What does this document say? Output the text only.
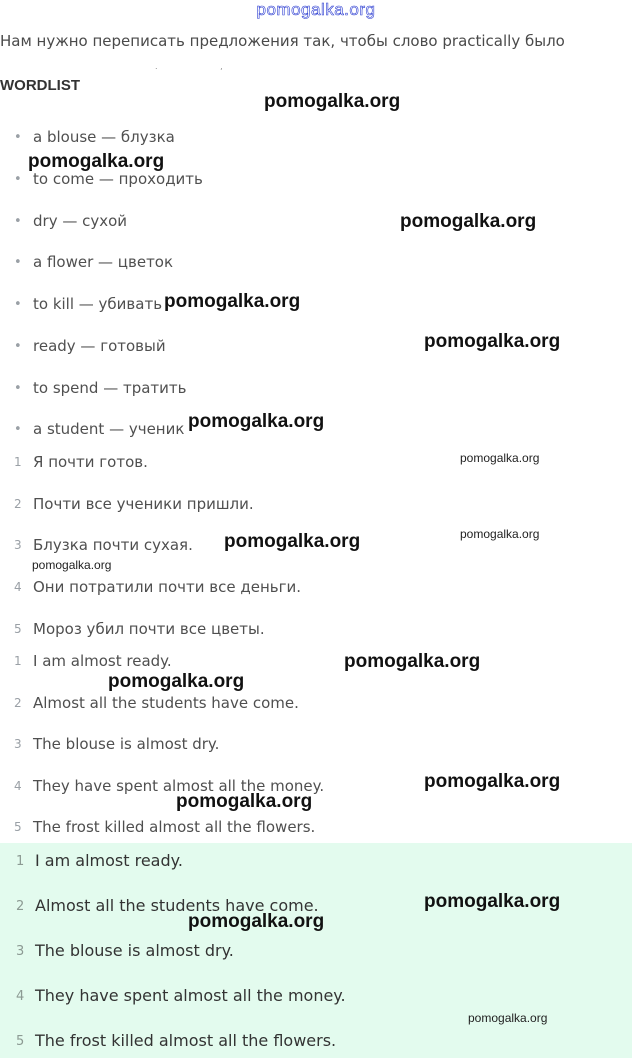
pomogalka.org
Нам нужно переписать предложения так, чтобы слово practically было
. ,
WORDLIST
• a blouse — блузка
• to come — проходить
• dry — сухой
• a flower — цветок
• to kill — убивать
• ready — готовый
• to spend — тратить
• a student — ученик
1 Я почти готов.
2 Почти все ученики пришли.
3 Блузка почти сухая.
4 Они потратили почти все деньги.
5 Мороз убил почти все цветы.
1 I am almost ready.
2 Almost all the students have come.
3 The blouse is almost dry.
4 They have spent almost all the money.
5 The frost killed almost all the flowers.
1 I am almost ready.
2 Almost all the students have come.
3 The blouse is almost dry.
4 They have spent almost all the money.
5 The frost killed almost all the flowers.
pomogalka.org
pomogalka.org
pomogalka.org
pomogalka.org
pomogalka.org
pomogalka.org
pomogalka.org
pomogalka.org
pomogalka.org
pomogalka.org
pomogalka.org
pomogalka.org
pomogalka.org
pomogalka.org
pomogalka.org
pomogalka.org
pomogalka.org
